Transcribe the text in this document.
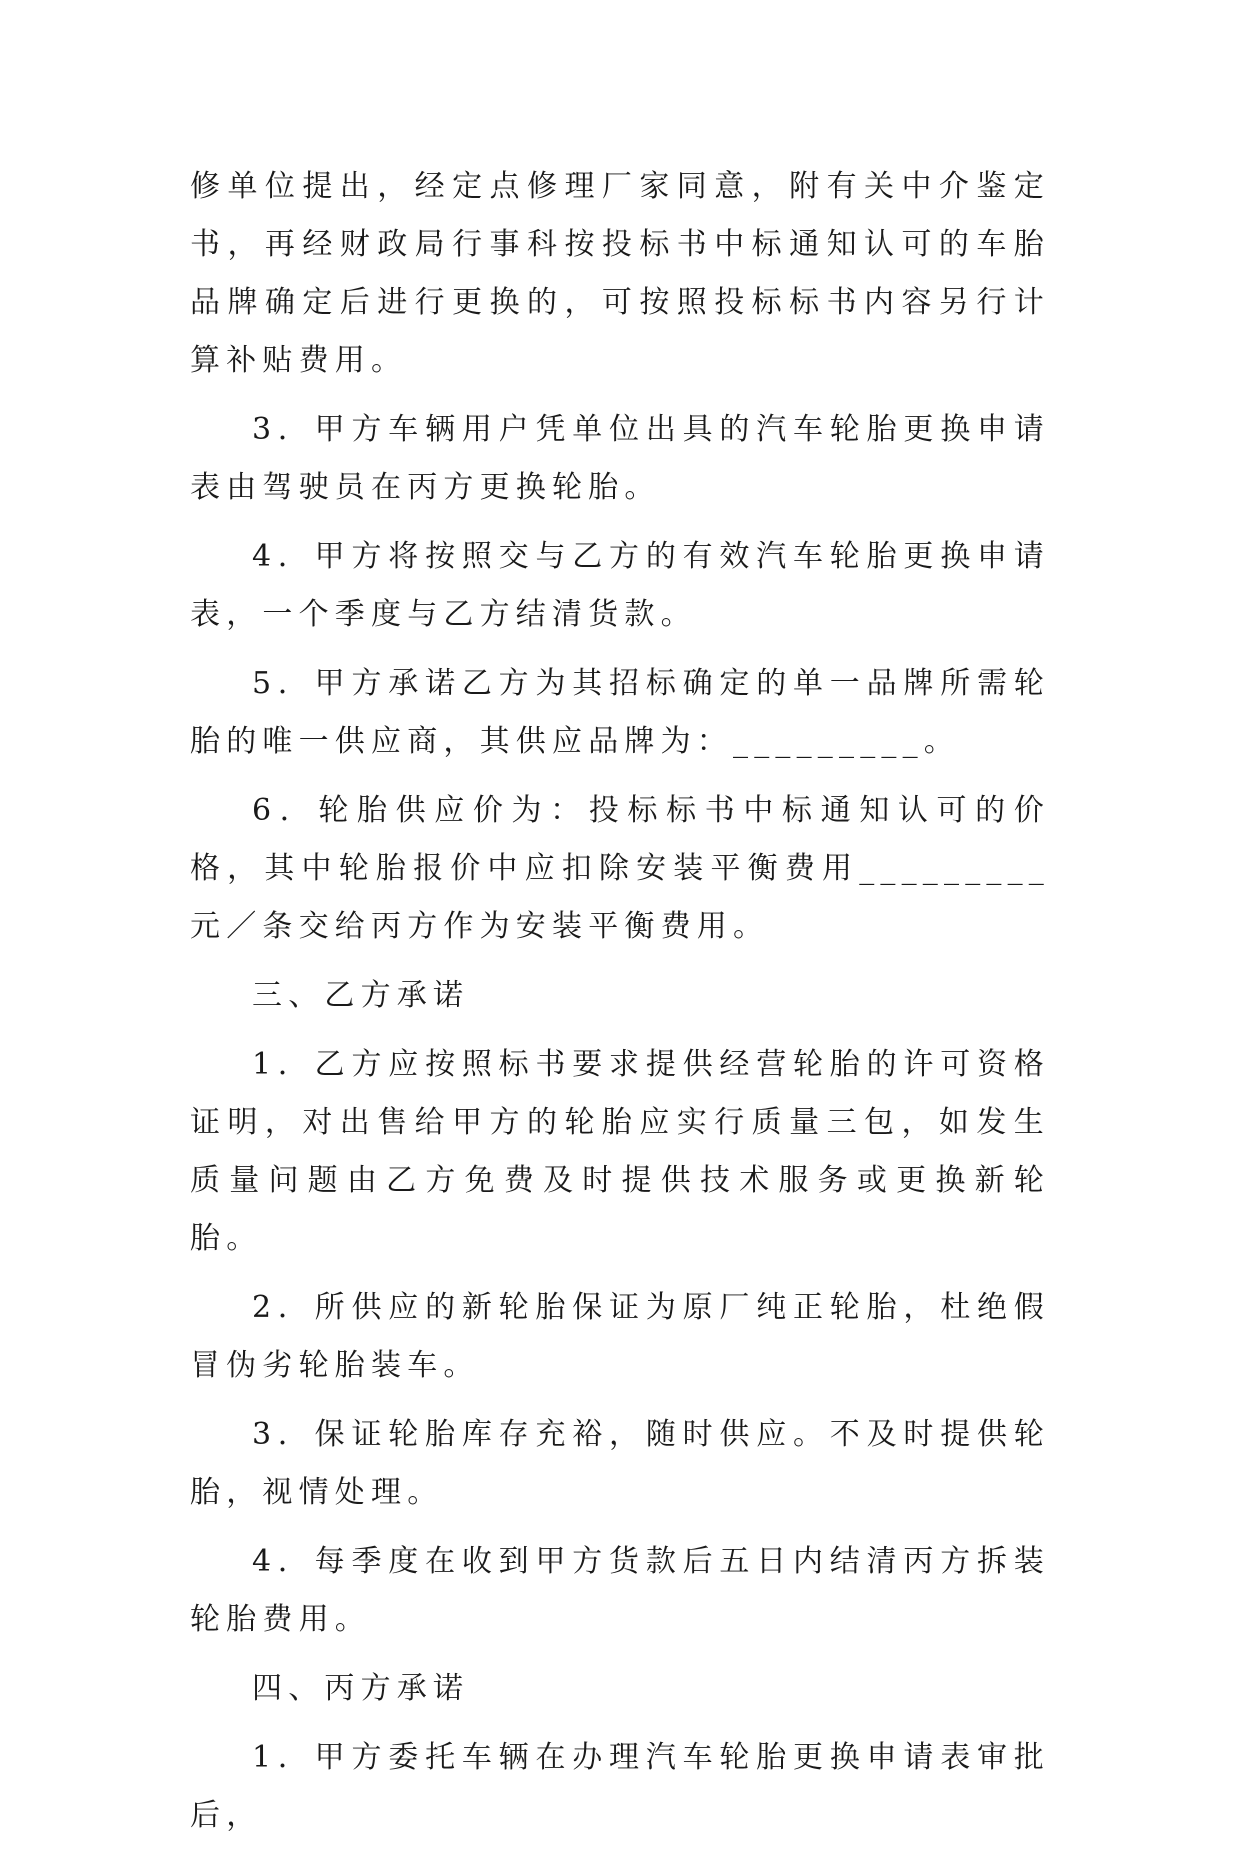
修单位提出，经定点修理厂家同意，附有关中介鉴定书，再经财政局行事科按投标书中标通知认可的车胎品牌确定后进行更换的，可按照投标标书内容另行计算补贴费用。

3．甲方车辆用户凭单位出具的汽车轮胎更换申请表由驾驶员在丙方更换轮胎。

4．甲方将按照交与乙方的有效汽车轮胎更换申请表，一个季度与乙方结清货款。

5．甲方承诺乙方为其招标确定的单一品牌所需轮胎的唯一供应商，其供应品牌为：_________。

6．轮胎供应价为：投标标书中标通知认可的价格，其中轮胎报价中应扣除安装平衡费用_________元／条交给丙方作为安装平衡费用。

三、乙方承诺

1．乙方应按照标书要求提供经营轮胎的许可资格证明，对出售给甲方的轮胎应实行质量三包，如发生质量问题由乙方免费及时提供技术服务或更换新轮胎。

2．所供应的新轮胎保证为原厂纯正轮胎，杜绝假冒伪劣轮胎装车。

3．保证轮胎库存充裕，随时供应。不及时提供轮胎，视情处理。

4．每季度在收到甲方货款后五日内结清丙方拆装轮胎费用。

四、丙方承诺

1．甲方委托车辆在办理汽车轮胎更换申请表审批后，
